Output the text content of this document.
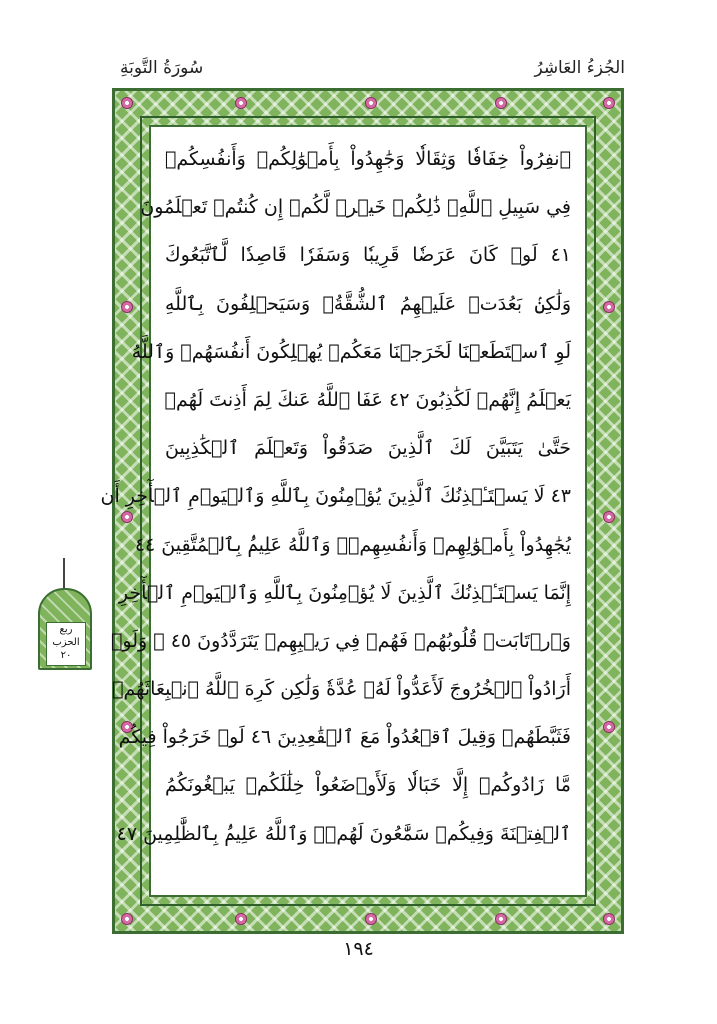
سُورَةُ التَّوبَةِ	الجُزءُ العَاشِرُ
ٱنفِرُواْ خِفَافٗا وَثِقَالٗا وَجَٰهِدُواْ بِأَمۡوَٰلِكُمۡ وَأَنفُسِكُمۡ
فِي سَبِيلِ ٱللَّهِۚ ذَٰلِكُمۡ خَيۡرٞ لَّكُمۡ إِن كُنتُمۡ تَعۡلَمُونَ
٤١ لَوۡ كَانَ عَرَضٗا قَرِيبٗا وَسَفَرٗا قَاصِدٗا لَّٱتَّبَعُوكَ
وَلَٰكِنۢ بَعُدَتۡ عَلَيۡهِمُ ٱلشُّقَّةُۚ وَسَيَحۡلِفُونَ بِٱللَّهِ
لَوِ ٱسۡتَطَعۡنَا لَخَرَجۡنَا مَعَكُمۡ يُهۡلِكُونَ أَنفُسَهُمۡ وَٱللَّهُ
يَعۡلَمُ إِنَّهُمۡ لَكَٰذِبُونَ ٤٢ عَفَا ٱللَّهُ عَنكَ لِمَ أَذِنتَ لَهُمۡ
حَتَّىٰ يَتَبَيَّنَ لَكَ ٱلَّذِينَ صَدَقُواْ وَتَعۡلَمَ ٱلۡكَٰذِبِينَ
٤٣ لَا يَسۡتَـٔۡذِنُكَ ٱلَّذِينَ يُؤۡمِنُونَ بِٱللَّهِ وَٱلۡيَوۡمِ ٱلۡأٓخِرِ أَن
يُجَٰهِدُواْ بِأَمۡوَٰلِهِمۡ وَأَنفُسِهِمۡۗ وَٱللَّهُ عَلِيمُۢ بِٱلۡمُتَّقِينَ ٤٤
إِنَّمَا يَسۡتَـٔۡذِنُكَ ٱلَّذِينَ لَا يُؤۡمِنُونَ بِٱللَّهِ وَٱلۡيَوۡمِ ٱلۡأٓخِرِ
وَٱرۡتَابَتۡ قُلُوبُهُمۡ فَهُمۡ فِي رَيۡبِهِمۡ يَتَرَدَّدُونَ ٤٥ ۞ وَلَوۡ
أَرَادُواْ ٱلۡخُرُوجَ لَأَعَدُّواْ لَهُۥ عُدَّةٗ وَلَٰكِن كَرِهَ ٱللَّهُ ٱنۢبِعَاثَهُمۡ
فَثَبَّطَهُمۡ وَقِيلَ ٱقۡعُدُواْ مَعَ ٱلۡقَٰعِدِينَ ٤٦ لَوۡ خَرَجُواْ فِيكُم
مَّا زَادُوكُمۡ إِلَّا خَبَالٗا وَلَأَوۡضَعُواْ خِلَٰلَكُمۡ يَبۡغُونَكُمُ
ٱلۡفِتۡنَةَ وَفِيكُمۡ سَمَّٰعُونَ لَهُمۡۗ وَٱللَّهُ عَلِيمُۢ بِٱلظَّٰلِمِينَ ٤٧
ربع
الحزب
٢٠
١٩٤
